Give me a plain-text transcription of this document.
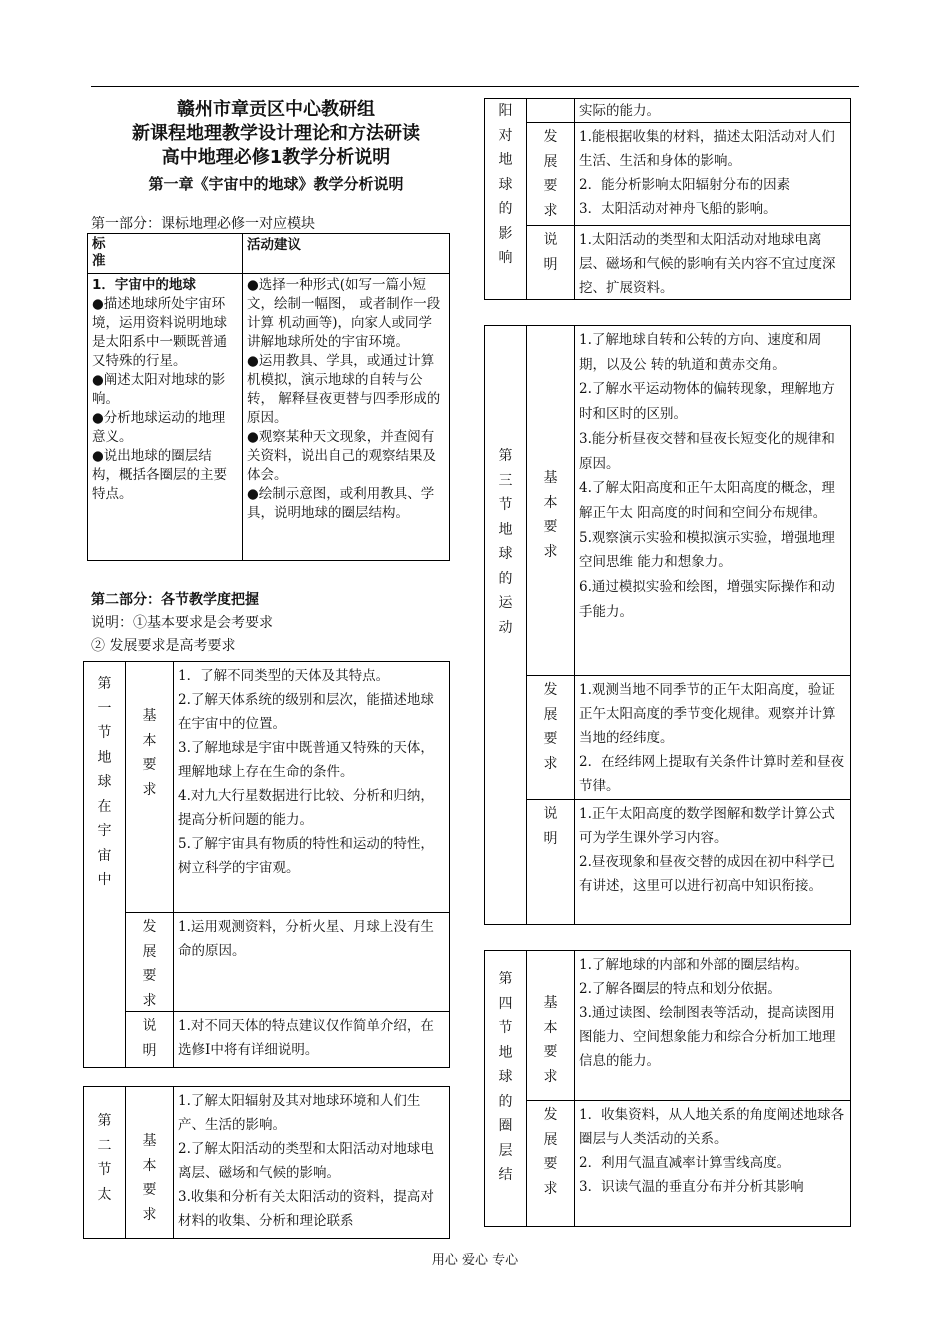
赣州市章贡区中心教研组
新课程地理教学设计理论和方法研读
高中地理必修1教学分析说明
第一章《宇宙中的地球》教学分析说明
第一部分：课标地理必修一对应模块
标
准
活动建议
1．宇宙中的地球
●描述地球所处宇宙环境，运用资料说明地球是太阳系中一颗既普通又特殊的行星。
●阐述太阳对地球的影响。
●分析地球运动的地理意义。
●说出地球的圈层结构，概括各圈层的主要特点。
●选择一种形式(如写一篇小短文，绘制一幅图， 或者制作一段计算 机动画等)，向家人或同学讲解地球所处的宇宙环境。
●运用教具、学具，或通过计算机模拟，演示地球的自转与公转， 解释昼夜更替与四季形成的原因。
●观察某种天文现象，并查阅有关资料，说出自己的观察结果及体会。
●绘制示意图，或利用教具、学具，说明地球的圈层结构。
第二部分：各节教学度把握
说明：①基本要求是会考要求
② 发展要求是高考要求
第一节 地球在宇宙中
基本要求
1．了解不同类型的天体及其特点。
2.了解天体系统的级别和层次，能描述地球在宇宙中的位置。
3.了解地球是宇宙中既普通又特殊的天体，理解地球上存在生命的条件。
4.对九大行星数据进行比较、分析和归纳，提高分析问题的能力。
5.了解宇宙具有物质的特性和运动的特性，树立科学的宇宙观。
发展要求
1.运用观测资料，分析火星、月球上没有生命的原因。
说明
1.对不同天体的特点建议仅作简单介绍，在选修Ⅰ中将有详细说明。
第二节 太
基本要求
1.了解太阳辐射及其对地球环境和人们生产、生活的影响。
2.了解太阳活动的类型和太阳活动对地球电离层、磁场和气候的影响。
3.收集和分析有关太阳活动的资料，提高对材料的收集、分析和理论联系
阳对地球的影响
实际的能力。
发展要求
1.能根据收集的材料，描述太阳活动对人们生活、生活和身体的影响。
2．能分析影响太阳辐射分布的因素
3．太阳活动对神舟飞船的影响。
说明
1.太阳活动的类型和太阳活动对地球电离层、磁场和气候的影响有关内容不宜过度深挖、扩展资料。
第三节地球的运动
基本要求
1.了解地球自转和公转的方向、速度和周期，以及公 转的轨道和黄赤交角。
2.了解水平运动物体的偏转现象，理解地方时和区时的区别。
3.能分析昼夜交替和昼夜长短变化的规律和原因。
4.了解太阳高度和正午太阳高度的概念，理解正午太 阳高度的时间和空间分布规律。
5.观察演示实验和模拟演示实验，增强地理空间思维 能力和想象力。
6.通过模拟实验和绘图，增强实际操作和动手能力。
发展要求
1.观测当地不同季节的正午太阳高度，验证正午太阳高度的季节变化规律。观察并计算当地的经纬度。
2．在经纬网上提取有关条件计算时差和昼夜节律。
说明
1.正午太阳高度的数学图解和数学计算公式可为学生课外学习内容。
2.昼夜现象和昼夜交替的成因在初中科学已有讲述，这里可以进行初高中知识衔接。
第四节 地球的圈层结
基本要求
1.了解地球的内部和外部的圈层结构。
2.了解各圈层的特点和划分依据。
3.通过读图、绘制图表等活动，提高读图用图能力、空间想象能力和综合分析加工地理信息的能力。
发展要求
1．收集资料，从人地关系的角度阐述地球各圈层与人类活动的关系。
2．利用气温直减率计算雪线高度。
3．识读气温的垂直分布并分析其影响
用心 爱心 专心
